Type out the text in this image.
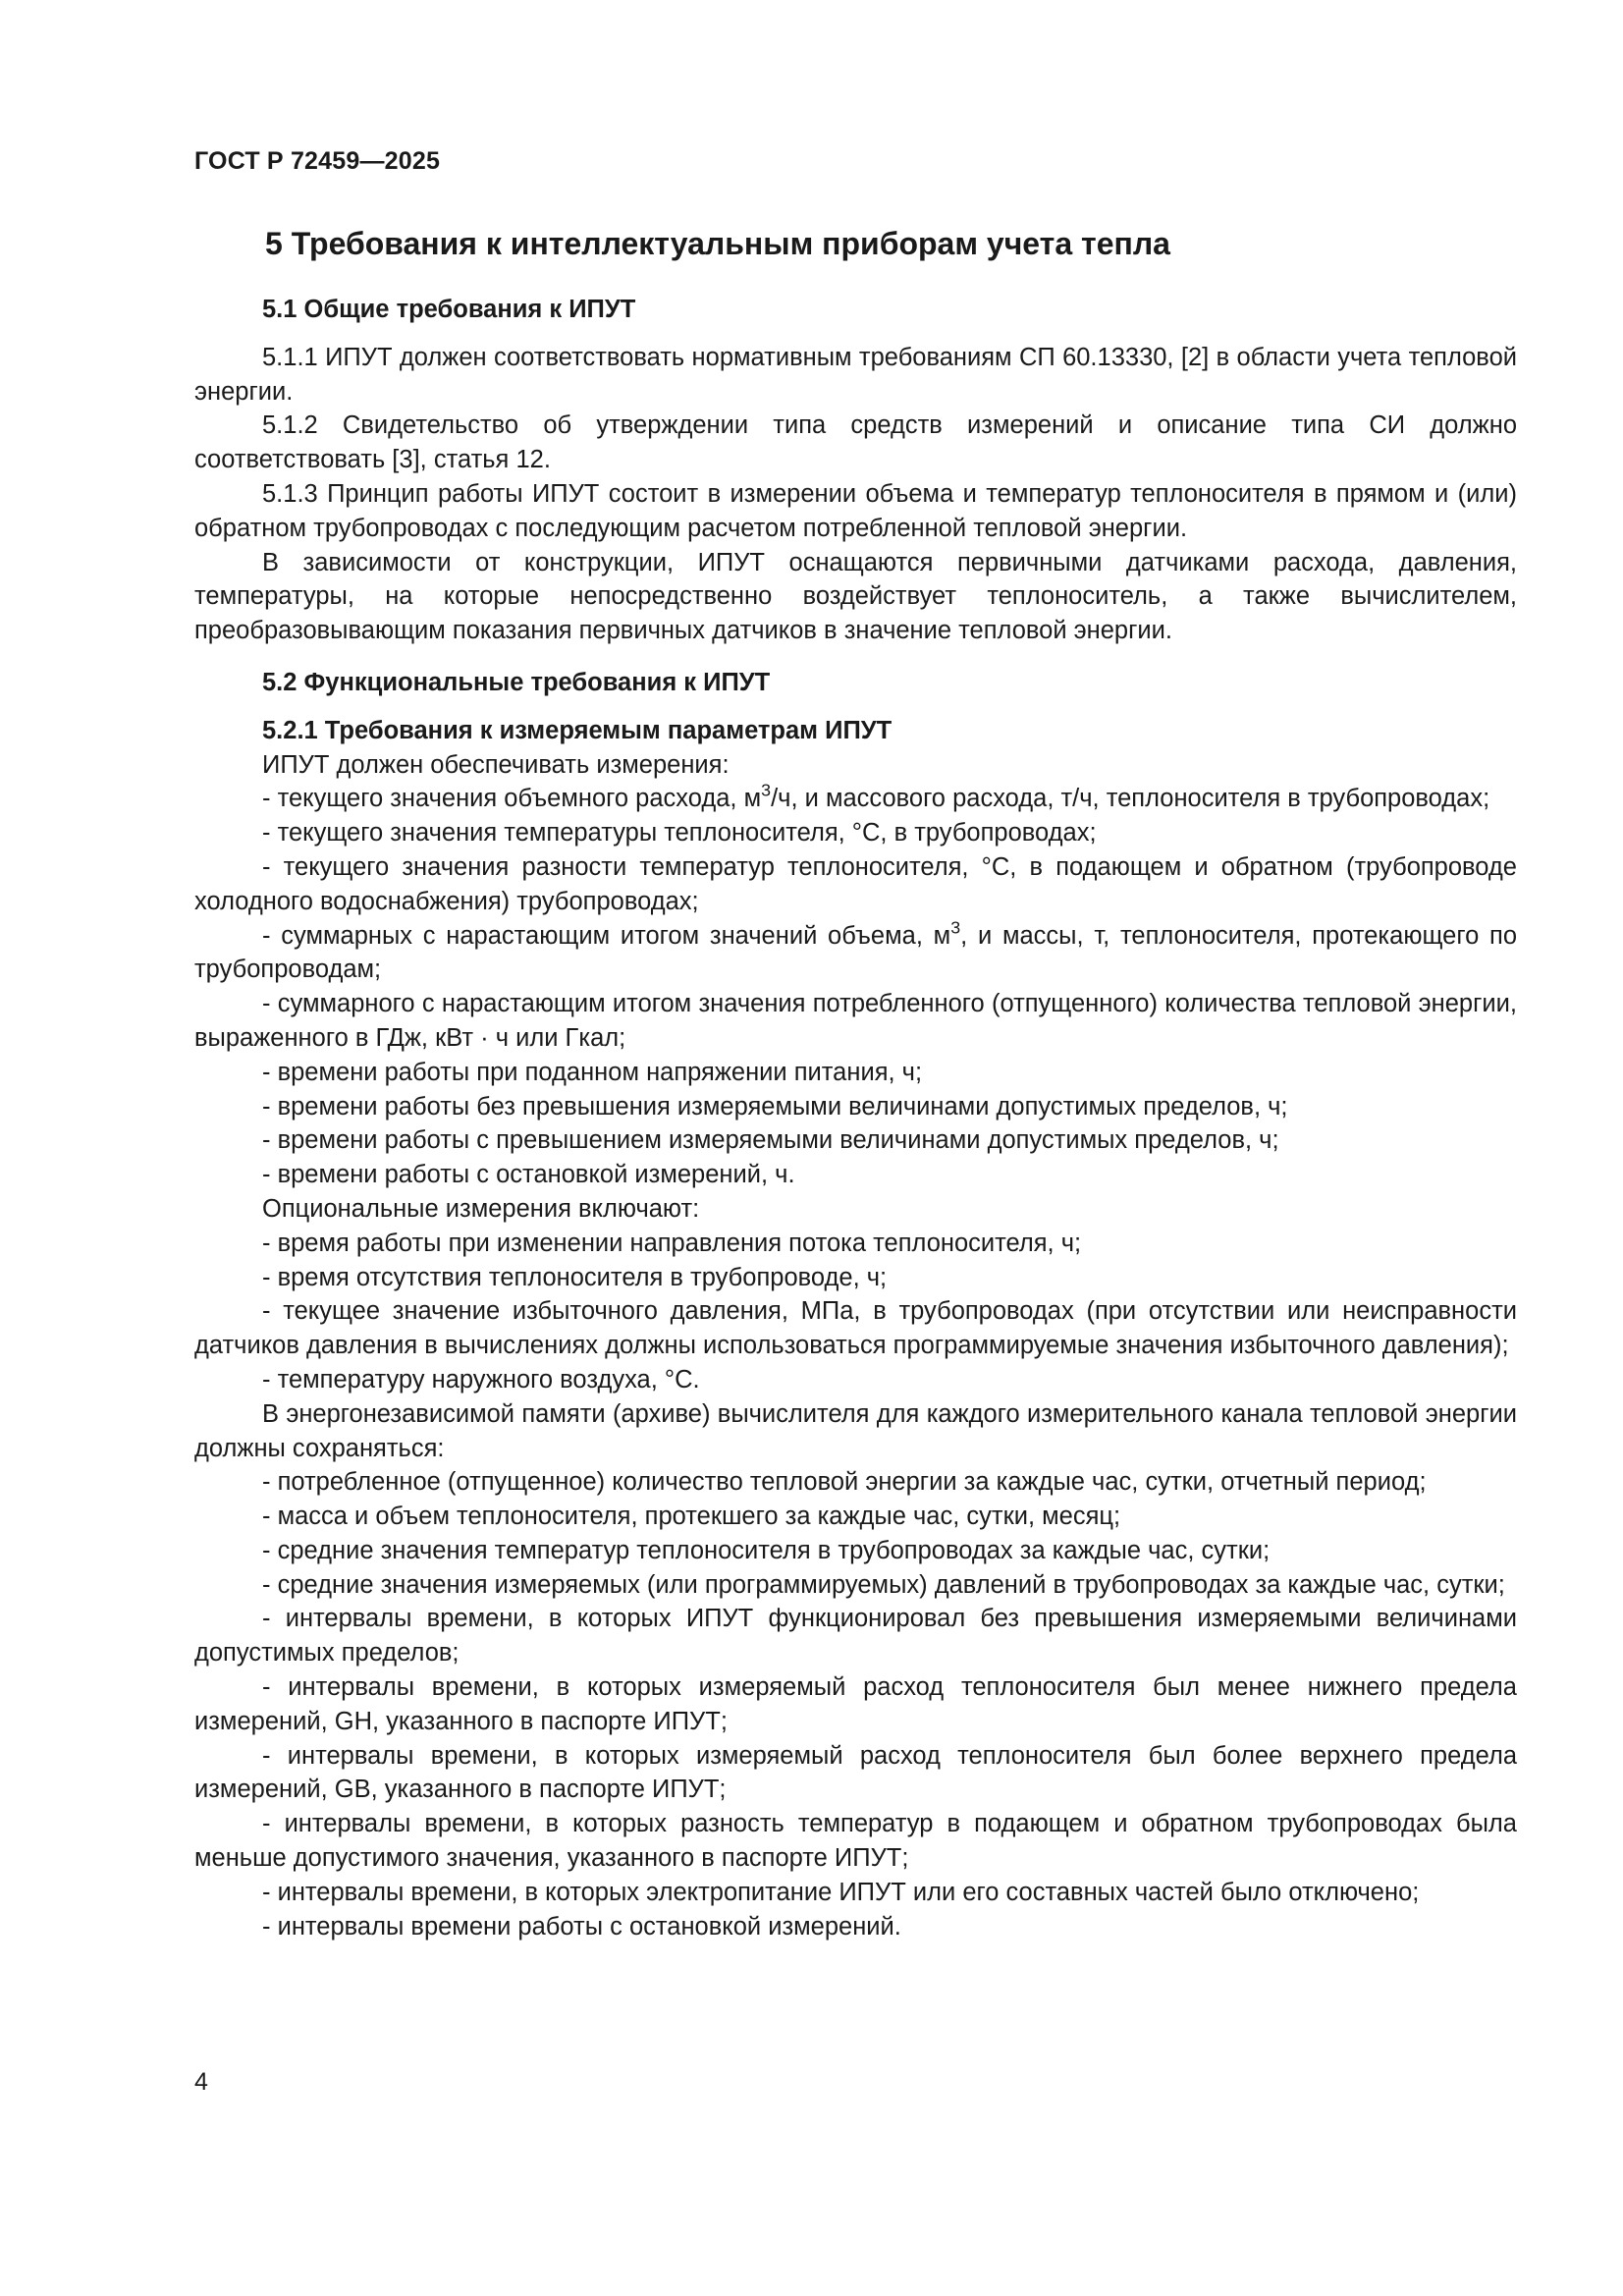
ГОСТ Р 72459—2025

5 Требования к интеллектуальным приборам учета тепла

5.1 Общие требования к ИПУТ

5.1.1 ИПУТ должен соответствовать нормативным требованиям СП 60.13330, [2] в области учета тепловой энергии.

5.1.2 Свидетельство об утверждении типа средств измерений и описание типа СИ должно соответствовать [3], статья 12.

5.1.3 Принцип работы ИПУТ состоит в измерении объема и температур теплоносителя в прямом и (или) обратном трубопроводах с последующим расчетом потребленной тепловой энергии.

В зависимости от конструкции, ИПУТ оснащаются первичными датчиками расхода, давления, температуры, на которые непосредственно воздействует теплоноситель, а также вычислителем, преобразовывающим показания первичных датчиков в значение тепловой энергии.

5.2 Функциональные требования к ИПУТ

5.2.1 Требования к измеряемым параметрам ИПУТ

ИПУТ должен обеспечивать измерения:

- текущего значения объемного расхода, $м^3/ч$, и массового расхода, т/ч, теплоносителя в трубопроводах;

- текущего значения температуры теплоносителя, °С, в трубопроводах;

- текущего значения разности температур теплоносителя, °С, в подающем и обратном (трубопроводе холодного водоснабжения) трубопроводах;

- суммарных с нарастающим итогом значений объема, $м^3$, и массы, т, теплоносителя, протекающего по трубопроводам;

- суммарного с нарастающим итогом значения потребленного (отпущенного) количества тепловой энергии, выраженного в ГДж, кВт · ч или Гкал;

- времени работы при поданном напряжении питания, ч;

- времени работы без превышения измеряемыми величинами допустимых пределов, ч;

- времени работы с превышением измеряемыми величинами допустимых пределов, ч;

- времени работы с остановкой измерений, ч.

Опциональные измерения включают:

- время работы при изменении направления потока теплоносителя, ч;

- время отсутствия теплоносителя в трубопроводе, ч;

- текущее значение избыточного давления, МПа, в трубопроводах (при отсутствии или неисправности датчиков давления в вычислениях должны использоваться программируемые значения избыточного давления);

- температуру наружного воздуха, °С.

В энергонезависимой памяти (архиве) вычислителя для каждого измерительного канала тепловой энергии должны сохраняться:

- потребленное (отпущенное) количество тепловой энергии за каждые час, сутки, отчетный период;

- масса и объем теплоносителя, протекшего за каждые час, сутки, месяц;

- средние значения температур теплоносителя в трубопроводах за каждые час, сутки;

- средние значения измеряемых (или программируемых) давлений в трубопроводах за каждые час, сутки;

- интервалы времени, в которых ИПУТ функционировал без превышения измеряемыми величинами допустимых пределов;

- интервалы времени, в которых измеряемый расход теплоносителя был менее нижнего предела измерений, GН, указанного в паспорте ИПУТ;

- интервалы времени, в которых измеряемый расход теплоносителя был более верхнего предела измерений, GВ, указанного в паспорте ИПУТ;

- интервалы времени, в которых разность температур в подающем и обратном трубопроводах была меньше допустимого значения, указанного в паспорте ИПУТ;

- интервалы времени, в которых электропитание ИПУТ или его составных частей было отключено;

- интервалы времени работы с остановкой измерений.

4
